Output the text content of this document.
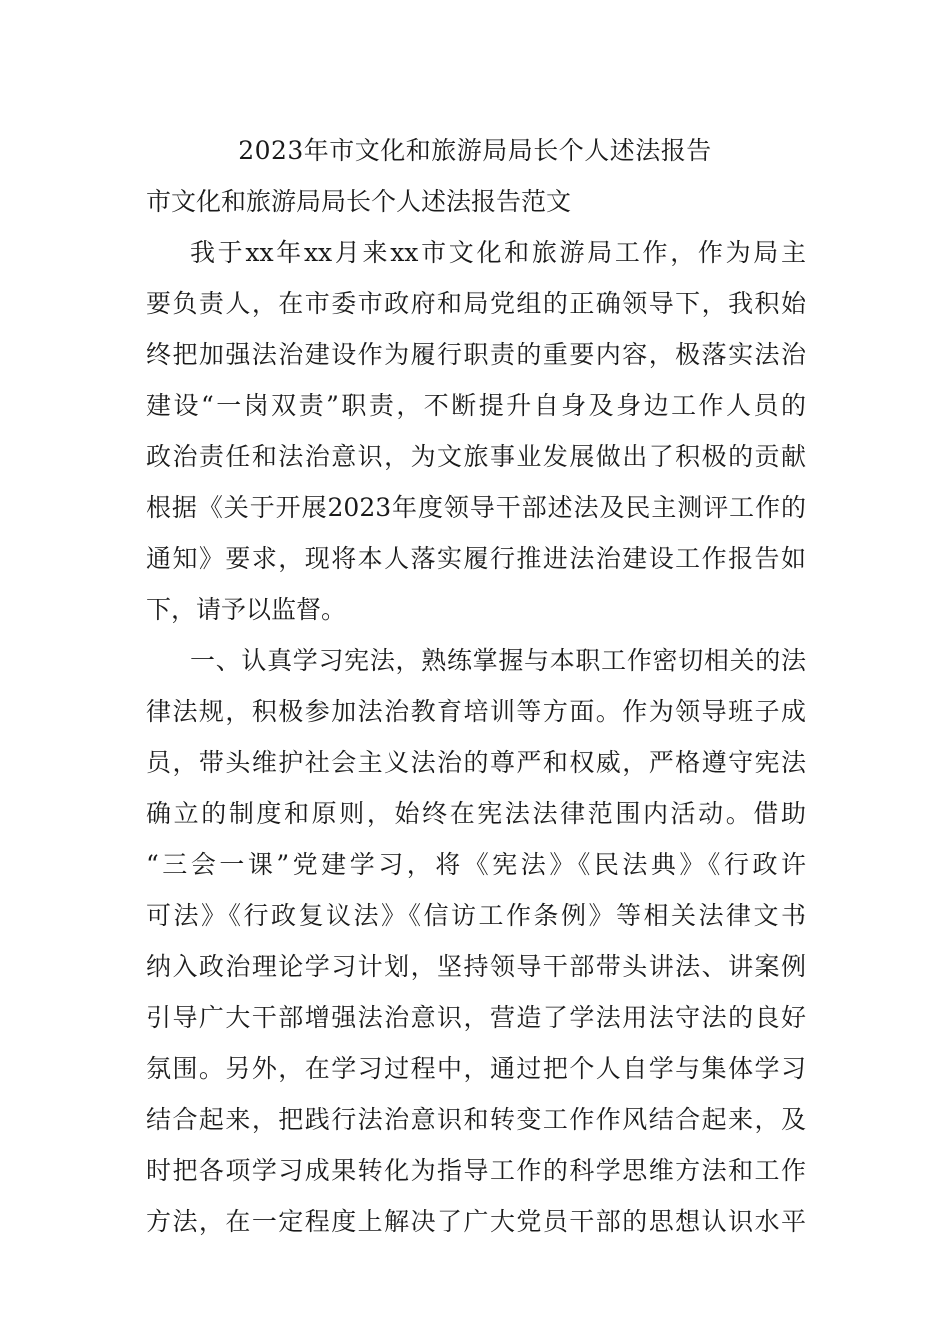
2023年市文化和旅游局局长个人述法报告
市文化和旅游局局长个人述法报告范文
我于xx年xx月来xx市文化和旅游局工作，作为局主
要负责人，在市委市政府和局党组的正确领导下，我积始
终把加强法治建设作为履行职责的重要内容，极落实法治
建设“一岗双责”职责，不断提升自身及身边工作人员的
政治责任和法治意识，为文旅事业发展做出了积极的贡献
根据《关于开展2023年度领导干部述法及民主测评工作的
通知》要求，现将本人落实履行推进法治建设工作报告如
下，请予以监督。
一、认真学习宪法，熟练掌握与本职工作密切相关的法
律法规，积极参加法治教育培训等方面。作为领导班子成
员，带头维护社会主义法治的尊严和权威，严格遵守宪法
确立的制度和原则，始终在宪法法律范围内活动。借助
“三会一课”党建学习，将《宪法》《民法典》《行政许
可法》《行政复议法》《信访工作条例》等相关法律文书
纳入政治理论学习计划，坚持领导干部带头讲法、讲案例
引导广大干部增强法治意识，营造了学法用法守法的良好
氛围。另外，在学习过程中，通过把个人自学与集体学习
结合起来，把践行法治意识和转变工作作风结合起来，及
时把各项学习成果转化为指导工作的科学思维方法和工作
方法，在一定程度上解决了广大党员干部的思想认识水平
